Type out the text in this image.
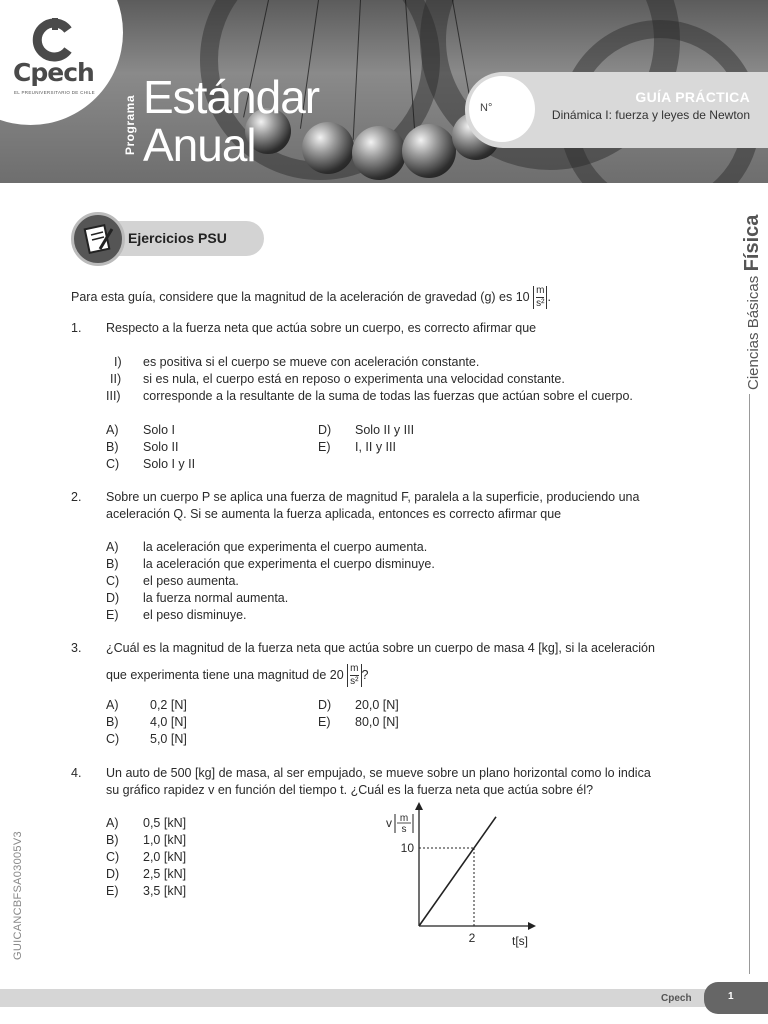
Cpech
EL PREUNIVERSITARIO DE CHILE
Programa Estándar
Anual
N°
GUÍA PRÁCTICA
Dinámica I: fuerza y leyes de Newton
Ciencias Básicas Física
GUICANCBFSA03005V3
Ejercicios PSU
Para esta guía, considere que la magnitud de la aceleración de gravedad (g) es $10 \frac{m}{\text{s²}}$ .
1. Respecto a la fuerza neta que actúa sobre un cuerpo, es correcto afirmar que
I) es positiva si el cuerpo se mueve con aceleración constante.
II) si es nula, el cuerpo está en reposo o experimenta una velocidad constante.
III) corresponde a la resultante de la suma de todas las fuerzas que actúan sobre el cuerpo.
A) Solo I
B) Solo II
C) Solo I y II
D) Solo II y III
E) I, II y III
2. Sobre un cuerpo P se aplica una fuerza de magnitud F, paralela a la superficie, produciendo una
aceleración Q. Si se aumenta la fuerza aplicada, entonces es correcto afirmar que
A) la aceleración que experimenta el cuerpo aumenta.
B) la aceleración que experimenta el cuerpo disminuye.
C) el peso aumenta.
D) la fuerza normal aumenta.
E) el peso disminuye.
3. ¿Cuál es la magnitud de la fuerza neta que actúa sobre un cuerpo de masa 4 [kg], si la aceleración
que experimenta tiene una magnitud de $20 \frac{m}{\text{s²}}$ ?
A)	0,2 [N]
B)	4,0 [N]
C) 5,0 [N]
D) 20,0 [N]
E) 80,0 [N]
4. Un auto de 500 [kg] de masa, al ser empujado, se mueve sobre un plano horizontal como lo indica
su gráfico rapidez v en función del tiempo t. ¿Cuál es la fuerza neta que actúa sobre él?
A) 0,5 [kN]
B) 1,0 [kN]
C) 2,0 [kN]
D) 2,5 [kN]
E) 3,5 [kN]
10
2	t[s]
v m
s
Cpech	1
